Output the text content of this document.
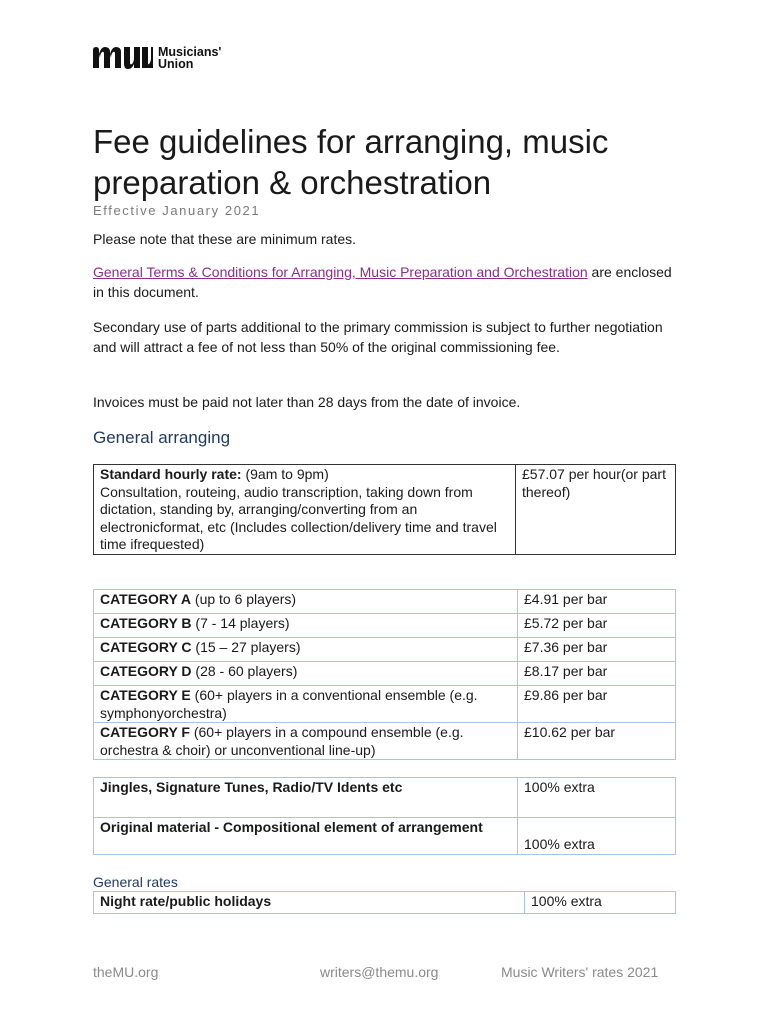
Musicians'
Union
Fee guidelines for arranging, music preparation & orchestration
Effective January 2021

Please note that these are minimum rates.

General Terms & Conditions for Arranging, Music Preparation and Orchestration are enclosed in this document.

Secondary use of parts additional to the primary commission is subject to further negotiation and will attract a fee of not less than 50% of the original commissioning fee.

Invoices must be paid not later than 28 days from the date of invoice.

General arranging
Standard hourly rate: (9am to 9pm)
Consultation, routeing, audio transcription, taking down from dictation, standing by, arranging/converting from an electronicformat, etc (Includes collection/delivery time and travel time ifrequested)	£57.07 per hour(or part thereof)
CATEGORY A (up to 6 players)	£4.91 per bar
CATEGORY B (7 - 14 players)	£5.72 per bar
CATEGORY C (15 – 27 players)	£7.36 per bar
CATEGORY D (28 - 60 players)	£8.17 per bar
CATEGORY E (60+ players in a conventional ensemble (e.g. symphonyorchestra)	£9.86 per bar
CATEGORY F (60+ players in a compound ensemble (e.g. orchestra & choir) or unconventional line-up)	£10.62 per bar
Jingles, Signature Tunes, Radio/TV Idents etc	100% extra
Original material - Compositional element of arrangement	100% extra
General rates
Night rate/public holidays	100% extra
theMU.org	writers@themu.org	Music Writers' rates 2021
